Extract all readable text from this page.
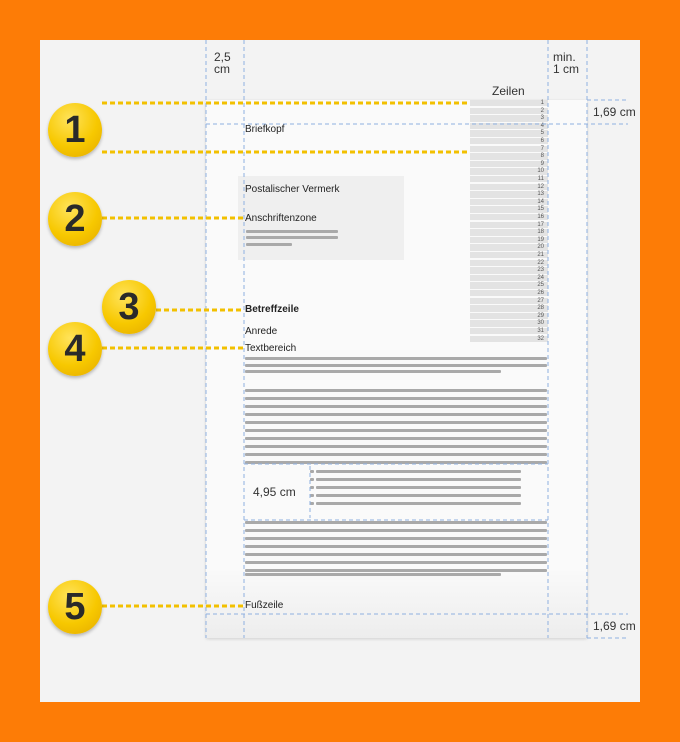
1
2
3
4
5
6
7
8
9
10
11
12
13
14
15
16
17
18
19
20
21
22
23
24
25
26
27
28
29
30
31
32
1
2
3
4
5
2,5
cm
min.
1 cm
Zeilen
1,69 cm
1,69 cm
Briefkopf
Postalischer Vermerk
Anschriftenzone
Betreffzeile
Anrede
Textbereich
4,95 cm
Fußzeile
